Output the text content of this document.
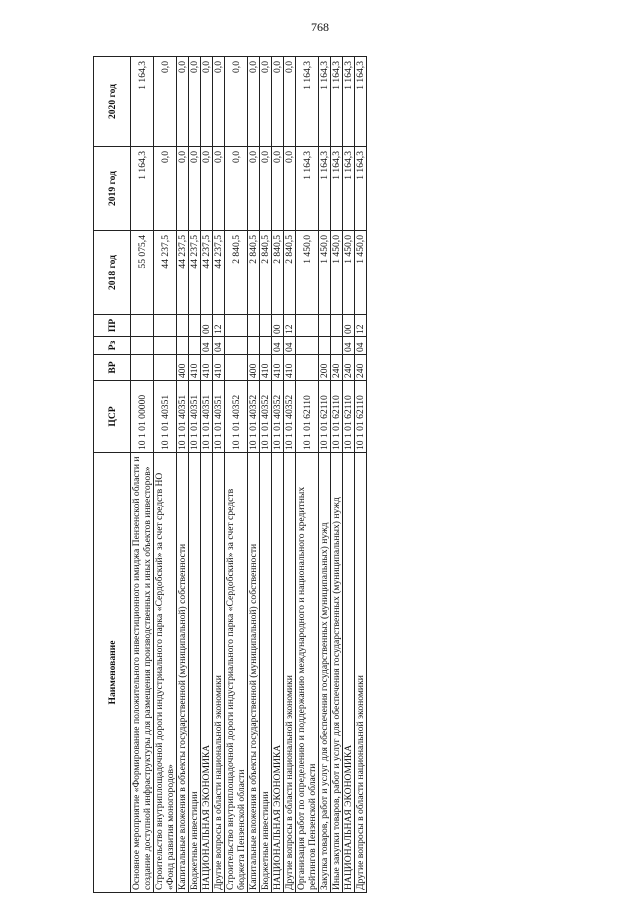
768
Наименование	ЦСР	ВР	Рз	ПР	2018 год	2019 год	2020 год
Основное мероприятие «Формирование положительного инвестиционного имиджа Пензенской области и создание доступной инфраструктуры для размещения производственных и иных объектов инвесторов»	10 1 01 00000				55 075,4	1 164,3	1 164,3
Строительство внутриплощадочной дороги индустриального парка «Сердобский» за счет средств НО «Фонд развития моногородов»	10 1 01 40351				44 237,5	0,0	0,0
Капитальные вложения в объекты государственной (муниципальной) собственности	10 1 01 40351	400			44 237,5	0,0	0,0
Бюджетные инвестиции	10 1 01 40351	410			44 237,5	0,0	0,0
НАЦИОНАЛЬНАЯ ЭКОНОМИКА	10 1 01 40351	410	04	00	44 237,5	0,0	0,0
Другие вопросы в области национальной экономики	10 1 01 40351	410	04	12	44 237,5	0,0	0,0
Строительство внутриплощадочной дороги индустриального парка «Сердобский» за счет средств бюджета Пензенской области	10 1 01 40352				2 840,5	0,0	0,0
Капитальные вложения в объекты государственной (муниципальной) собственности	10 1 01 40352	400			2 840,5	0,0	0,0
Бюджетные инвестиции	10 1 01 40352	410			2 840,5	0,0	0,0
НАЦИОНАЛЬНАЯ ЭКОНОМИКА	10 1 01 40352	410	04	00	2 840,5	0,0	0,0
Другие вопросы в области национальной экономики	10 1 01 40352	410	04	12	2 840,5	0,0	0,0
Организация работ по определению и поддержанию международного и национального кредитных рейтингов Пензенской области	10 1 01 62110				1 450,0	1 164,3	1 164,3
Закупка товаров, работ и услуг для обеспечения государственных (муниципальных) нужд	10 1 01 62110	200			1 450,0	1 164,3	1 164,3
Иные закупки товаров, работ и услуг для обеспечения государственных (муниципальных) нужд	10 1 01 62110	240			1 450,0	1 164,3	1 164,3
НАЦИОНАЛЬНАЯ ЭКОНОМИКА	10 1 01 62110	240	04	00	1 450,0	1 164,3	1 164,3
Другие вопросы в области национальной экономики	10 1 01 62110	240	04	12	1 450,0	1 164,3	1 164,3
